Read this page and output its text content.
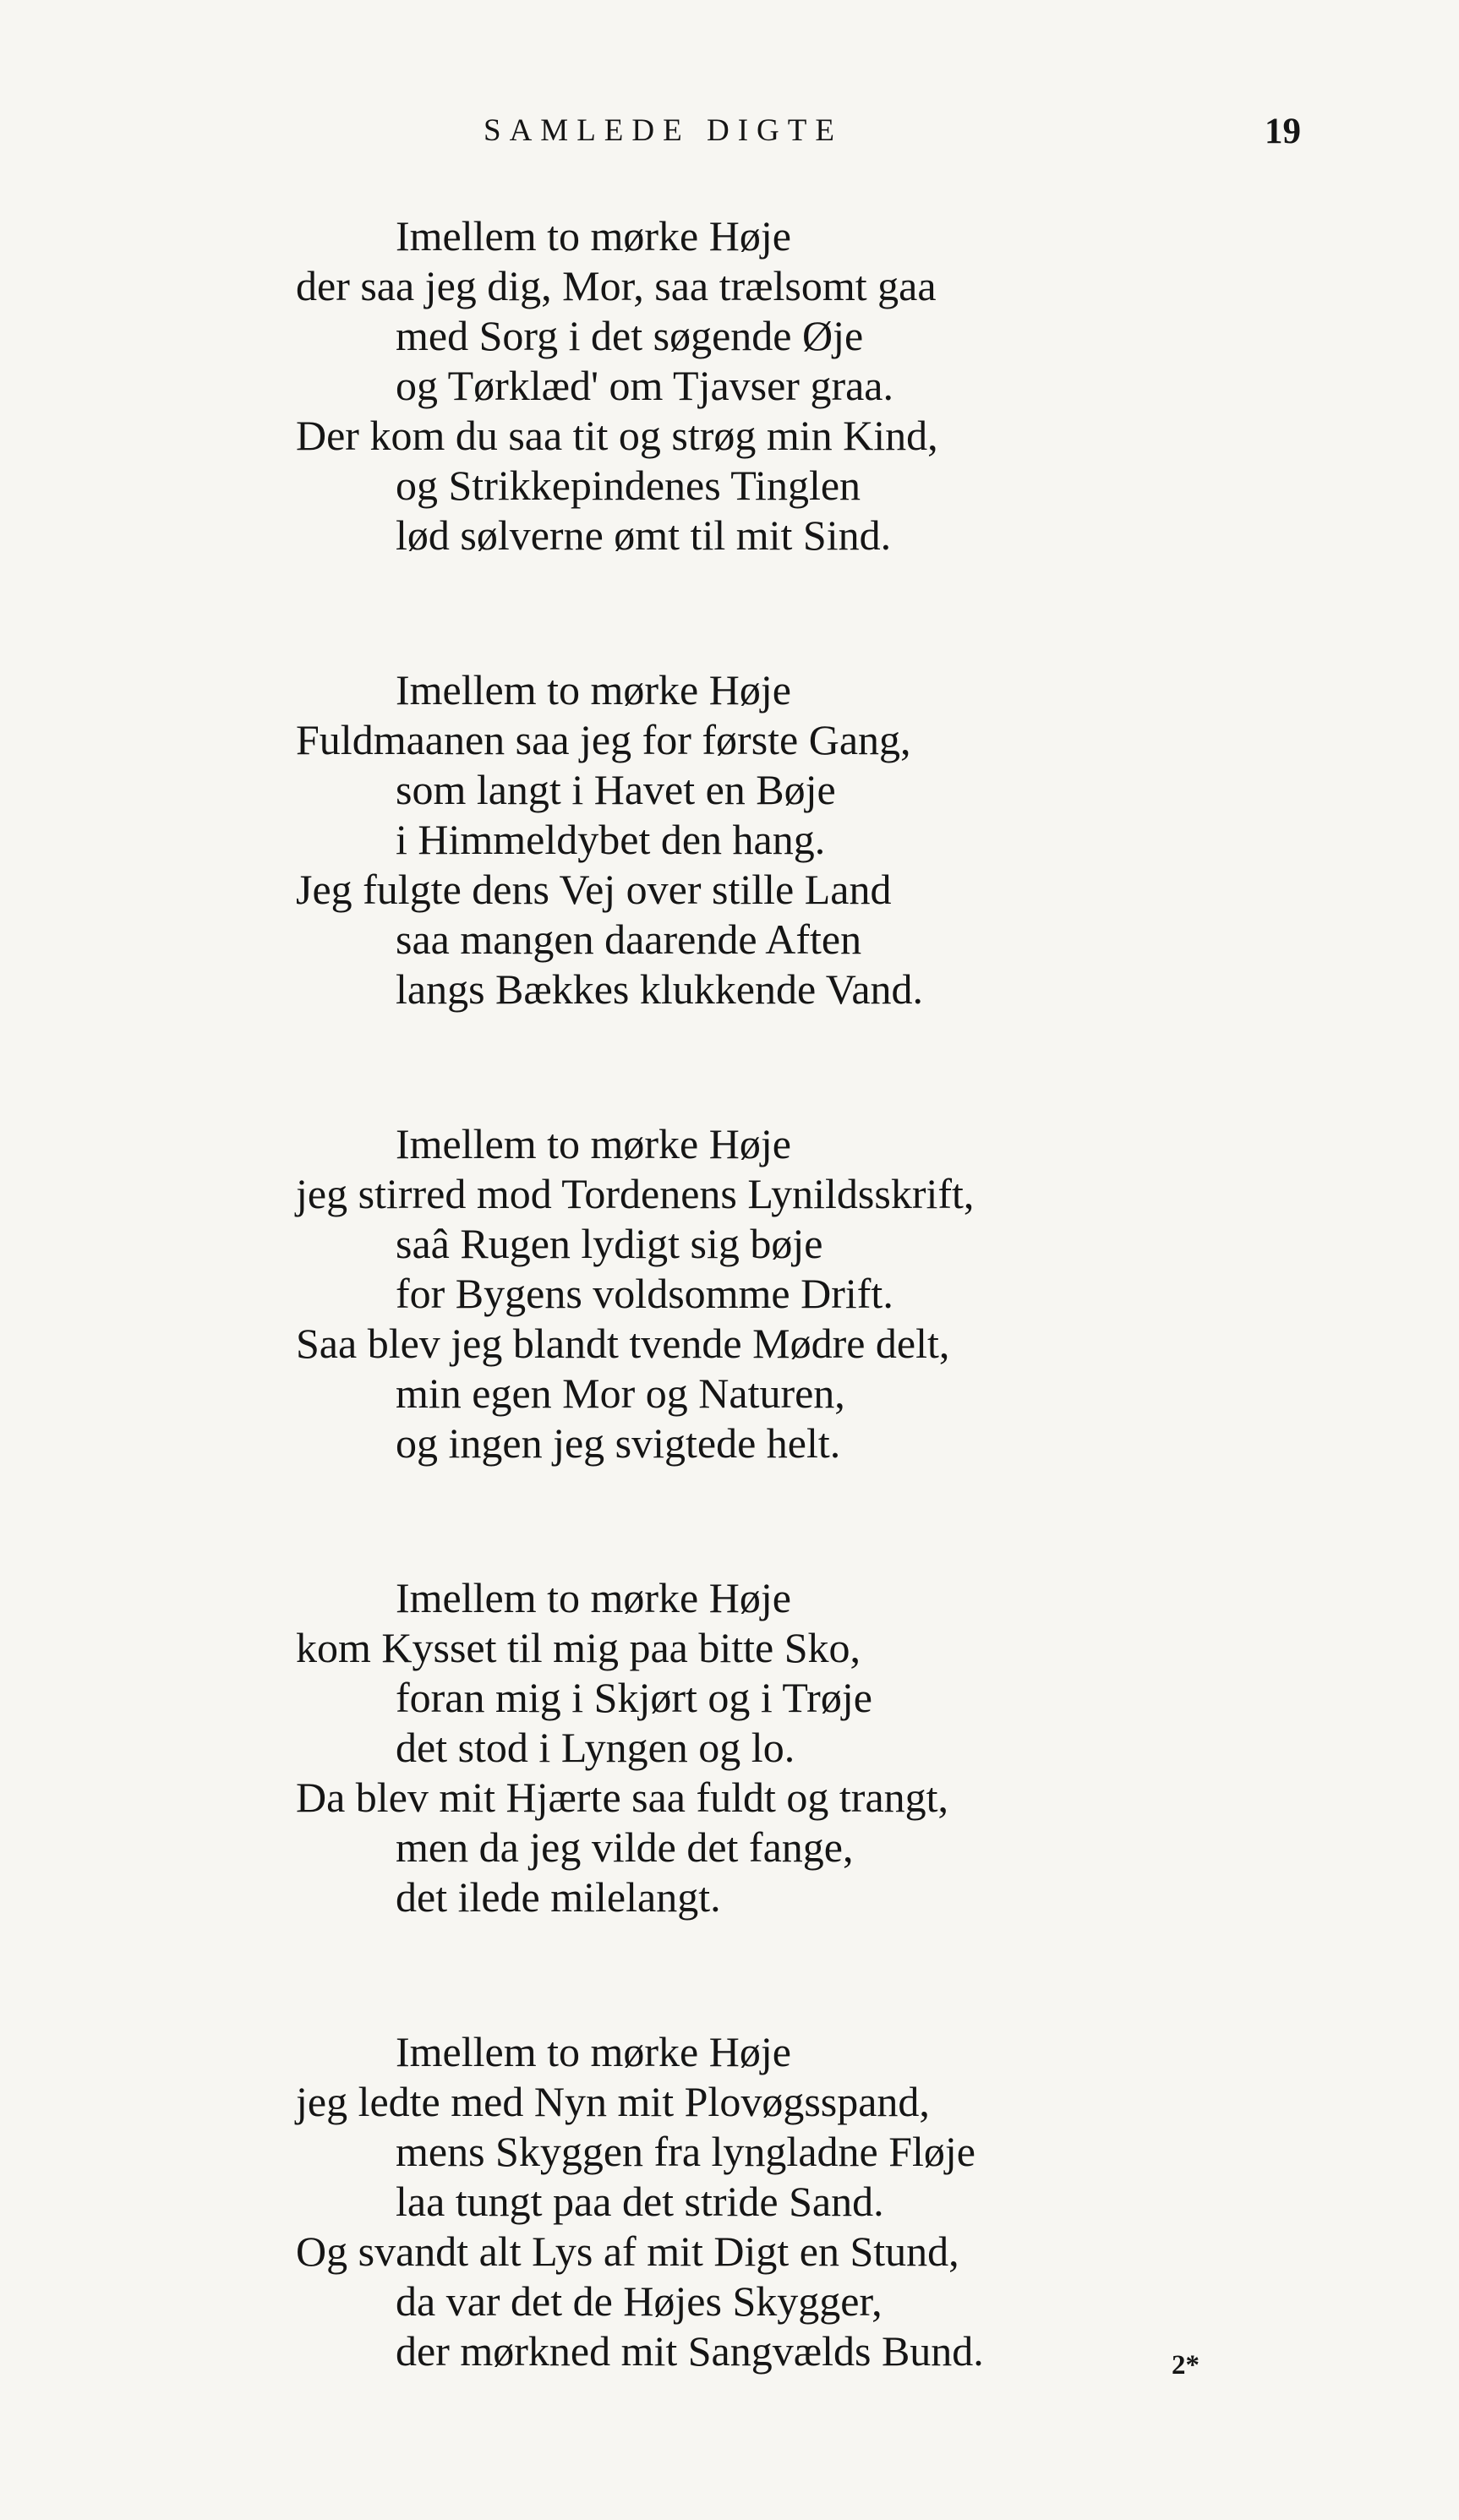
SAMLEDE DIGTE	19
Imellem to mørke Høje
der saa jeg dig, Mor, saa trælsomt gaa
med Sorg i det søgende Øje
og Tørklæd' om Tjavser graa.
Der kom du saa tit og strøg min Kind,
og Strikkepindenes Tinglen
lød sølverne ømt til mit Sind.
Imellem to mørke Høje
Fuldmaanen saa jeg for første Gang,
som langt i Havet en Bøje
i Himmeldybet den hang.
Jeg fulgte dens Vej over stille Land
saa mangen daarende Aften
langs Bækkes klukkende Vand.
Imellem to mørke Høje
jeg stirred mod Tordenens Lynildsskrift,
saâ Rugen lydigt sig bøje
for Bygens voldsomme Drift.
Saa blev jeg blandt tvende Mødre delt,
min egen Mor og Naturen,
og ingen jeg svigtede helt.
Imellem to mørke Høje
kom Kysset til mig paa bitte Sko,
foran mig i Skjørt og i Trøje
det stod i Lyngen og lo.
Da blev mit Hjærte saa fuldt og trangt,
men da jeg vilde det fange,
det ilede milelangt.
Imellem to mørke Høje
jeg ledte med Nyn mit Plovøgsspand,
mens Skyggen fra lyngladne Fløje
laa tungt paa det stride Sand.
Og svandt alt Lys af mit Digt en Stund,
da var det de Højes Skygger,
der mørkned mit Sangvælds Bund.	2*
